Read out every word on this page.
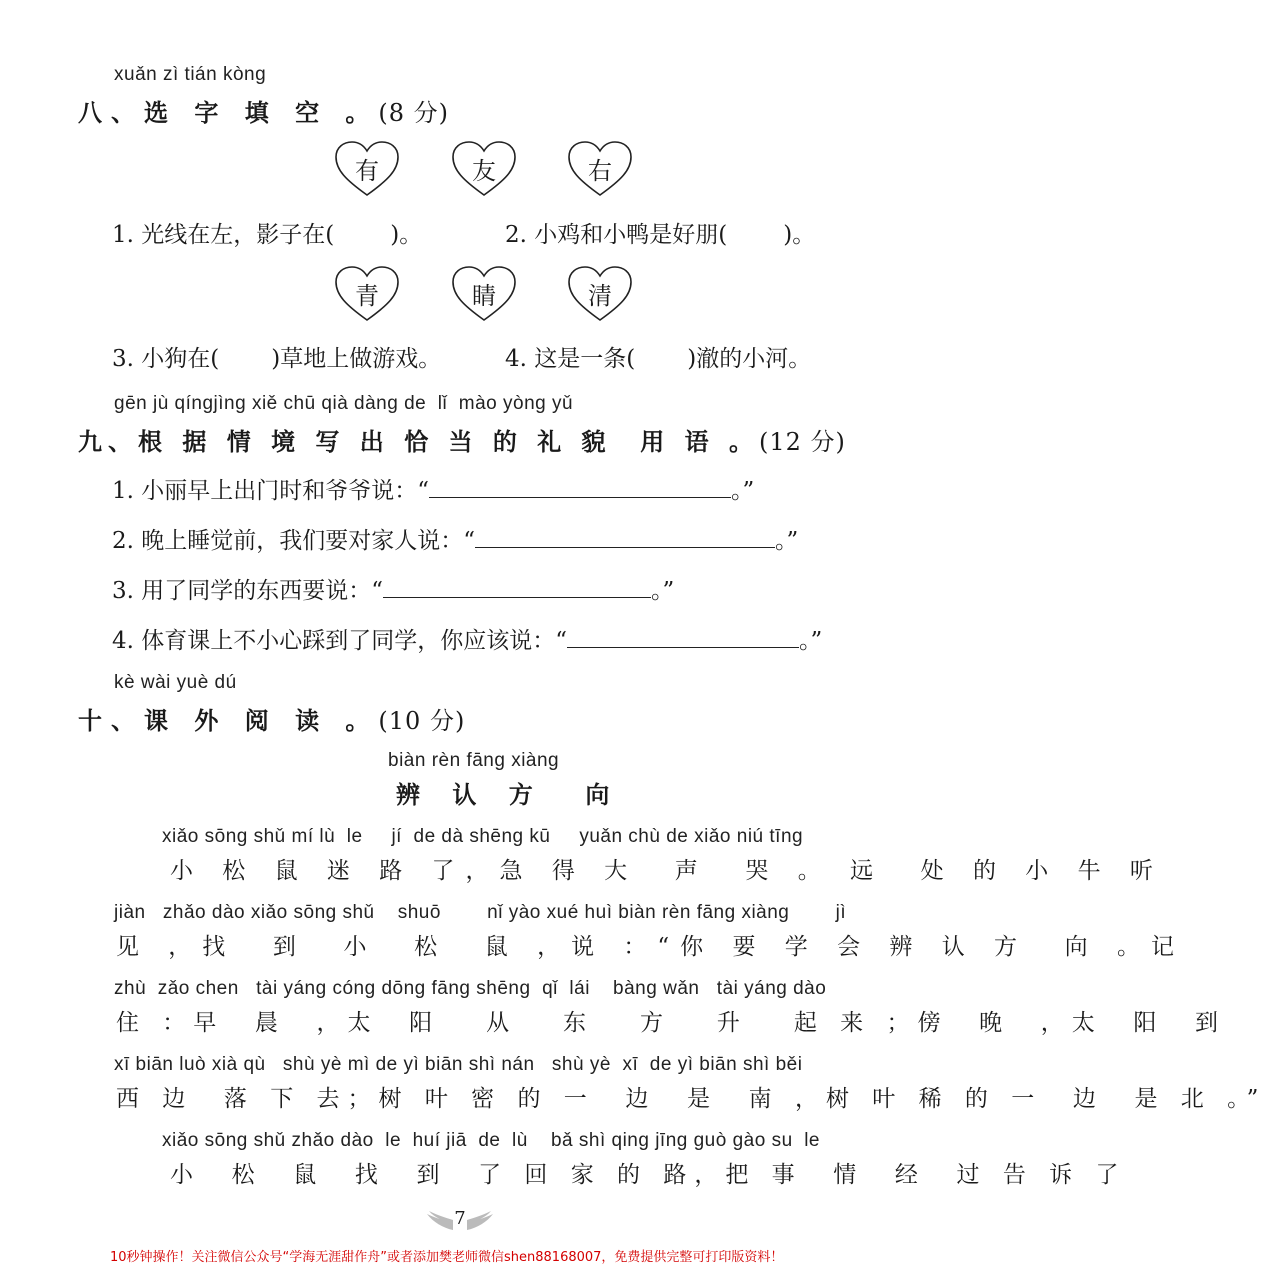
xuǎn zì tián kòng
八、选 字 填 空 。(8 分)
有	友	右
1. 光线在左，影子在( )。	2. 小鸡和小鸭是好朋( )。
青	睛	清
3. 小狗在( )草地上做游戏。	4. 这是一条( )澈的小河。
gēn jù qíngjìng xiě chū qià dàng de  lǐ  mào yòng yǔ
九、根 据 情 境 写 出 恰 当 的 礼 貌  用 语 。(12 分)
1. 小丽早上出门时和爷爷说：“	。”
2. 晚上睡觉前，我们要对家人说：“	。”
3. 用了同学的东西要说：“	。”
4. 体育课上不小心踩到了同学，你应该说：“	。”
kè wài yuè dú
十、课 外 阅 读 。(10 分)
biàn rèn fāng xiàng
辨 认 方  向
xiǎo sōng shǔ mí lù  le     jí  de dà shēng kū     yuǎn chù de xiǎo niú tīng
小 松 鼠 迷 路 了，急 得 大  声  哭 。 远  处 的 小 牛 听
jiàn   zhǎo dào xiǎo sōng shǔ    shuō        nǐ yào xué huì biàn rèn fāng xiàng        jì
见 ，找  到  小  松  鼠 ，说 ：“你 要 学 会 辨 认 方  向 。记
zhù  zǎo chen   tài yáng cóng dōng fāng shēng  qǐ  lái    bàng wǎn   tài yáng dào
住 ：早  晨  ，太  阳   从   东   方   升   起 来 ；傍  晚  ，太  阳  到
xī biān luò xià qù   shù yè mì de yì biān shì nán   shù yè  xī  de yì biān shì běi
西 边  落 下 去；树 叶 密 的 一  边  是  南 ，树 叶 稀 的 一  边  是 北 。”
xiǎo sōng shǔ zhǎo dào  le  huí jiā  de  lù    bǎ shì qing jīng guò gào su  le
小  松  鼠  找  到  了 回 家 的 路，把 事  情  经  过 告 诉 了
7
10秒钟操作！关注微信公众号“学海无涯甜作舟”或者添加樊老师微信shen88168007，免费提供完整可打印版资料！
